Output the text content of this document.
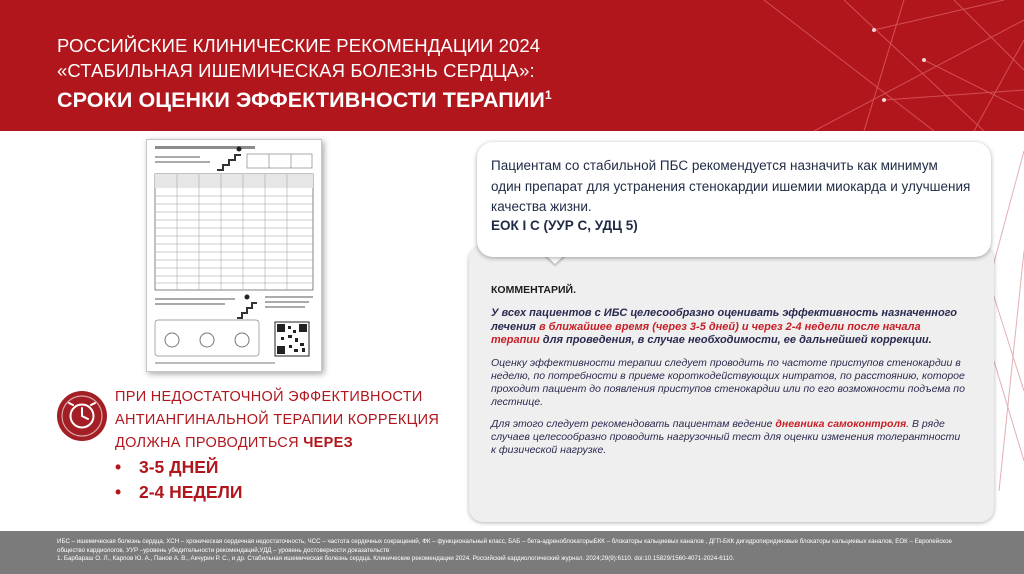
РОССИЙСКИЕ КЛИНИЧЕСКИЕ РЕКОМЕНДАЦИИ 2024
«СТАБИЛЬНАЯ ИШЕМИЧЕСКАЯ БОЛЕЗНЬ СЕРДЦА»:
СРОКИ ОЦЕНКИ ЭФФЕКТИВНОСТИ ТЕРАПИИ$^1$
ПРИ НЕДОСТАТОЧНОЙ ЭФФЕКТИВНОСТИ
АНТИАНГИНАЛЬНОЙ ТЕРАПИИ КОРРЕКЦИЯ
ДОЛЖНА ПРОВОДИТЬСЯ ЧЕРЕЗ
• 3-5 ДНЕЙ
• 2-4 НЕДЕЛИ
КОММЕНТАРИЙ.
У всех пациентов с ИБС целесообразно оценивать эффективность назначенного лечения в ближайшее время (через 3-5 дней) и через 2-4 недели после начала терапии для проведения, в случае необходимости, ее дальнейшей коррекции.
Оценку эффективности терапии следует проводить по частоте приступов стенокардии в неделю, по потребности в приеме короткодействующих нитратов, по расстоянию, которое проходит пациент до появления приступов стенокардии или по его возможности подъема по лестнице.
Для этого следует рекомендовать пациентам ведение дневника самоконтроля. В ряде случаев целесообразно проводить нагрузочный тест для оценки изменения толерантности к физической нагрузке.
Пациентам со стабильной ПБС рекомендуется назначить как минимум один препарат для устранения стенокардии ишемии миокарда и улучшения качества жизни.
ЕОК I C (УУР С, УДЦ 5)
ИБС – ишемическая болезнь сердца, ХСН – хроническая сердечная недостаточность, ЧСС – частота сердечных сокращений, ФК – функциональный класс, БАБ – бета-адреноблокаторыБКК – блокаторы кальциевых каналов , ДГП-БКК дигидропиридиновые блокаторы кальциевых каналов, ЕОК – Европейское общество кардиологов, УУР –уровень убедительности рекомендаций,УДД – уровень достоверности доказательств
1. Барбараш О. Л., Карпов Ю. А., Панов А. В., Акчурин Р. С., и др. Стабильная ишемическая болезнь сердца. Клинические рекомендации 2024. Российский кардиологический журнал. 2024;29(9):6110. doi:10.15829/1560-4071-2024-6110.
